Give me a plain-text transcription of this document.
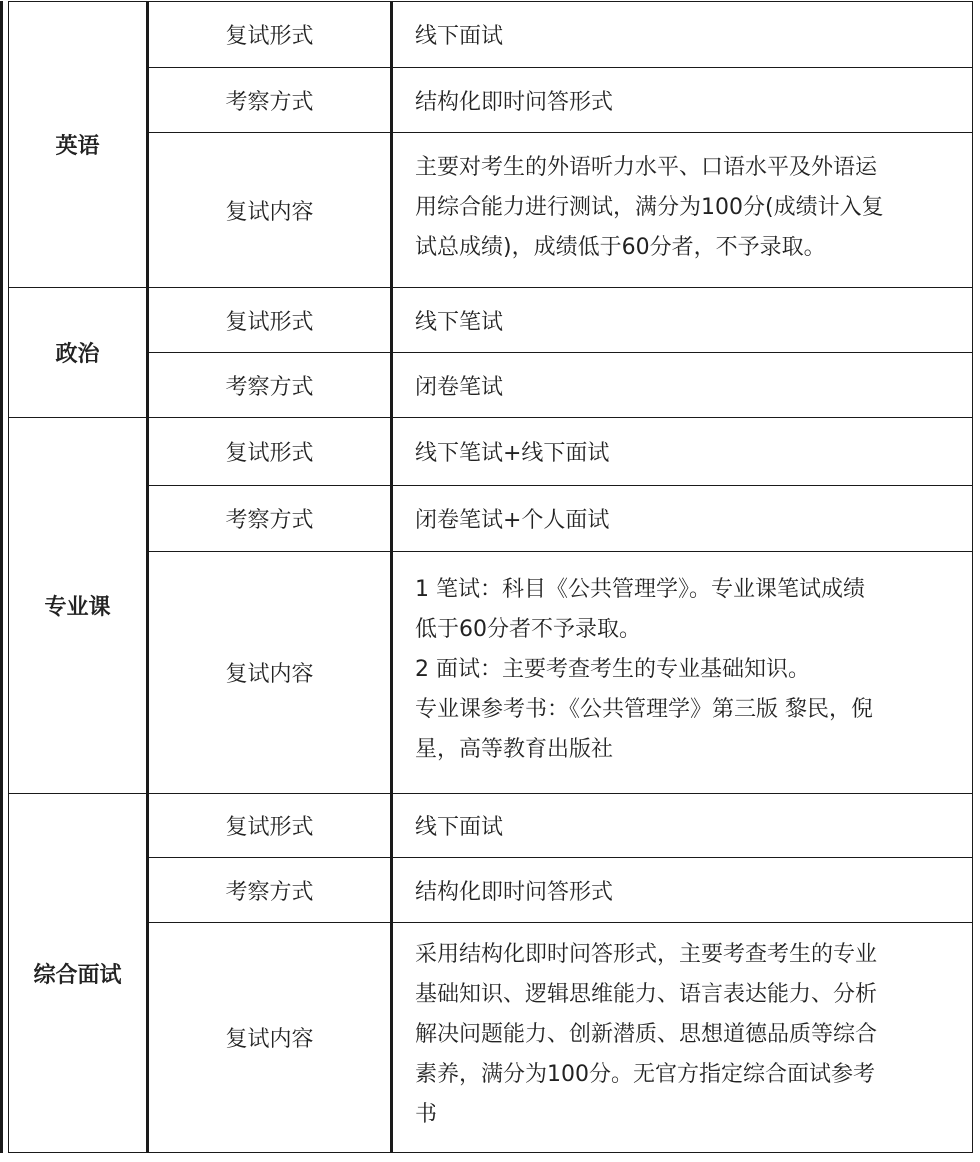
英语	复试形式	线下面试

	考察方式	结构化即时问答形式

	复试内容	主要对考生的外语听力水平、口语水平及外语运
用综合能力进行测试，满分为100分(成绩计入复
试总成绩)，成绩低于60分者，不予录取。

政治	复试形式	线下笔试

	考察方式	闭卷笔试

专业课	复试形式	线下笔试+线下面试

	考察方式	闭卷笔试+个人面试

	复试内容	1 笔试：科目《公共管理学》。专业课笔试成绩
低于60分者不予录取。
2 面试：主要考查考生的专业基础知识。
专业课参考书：《公共管理学》第三版 黎民，倪
星，高等教育出版社

综合面试	复试形式	线下面试

	考察方式	结构化即时问答形式

	复试内容	采用结构化即时问答形式，主要考查考生的专业
基础知识、逻辑思维能力、语言表达能力、分析
解决问题能力、创新潜质、思想道德品质等综合
素养，满分为100分。无官方指定综合面试参考
书
